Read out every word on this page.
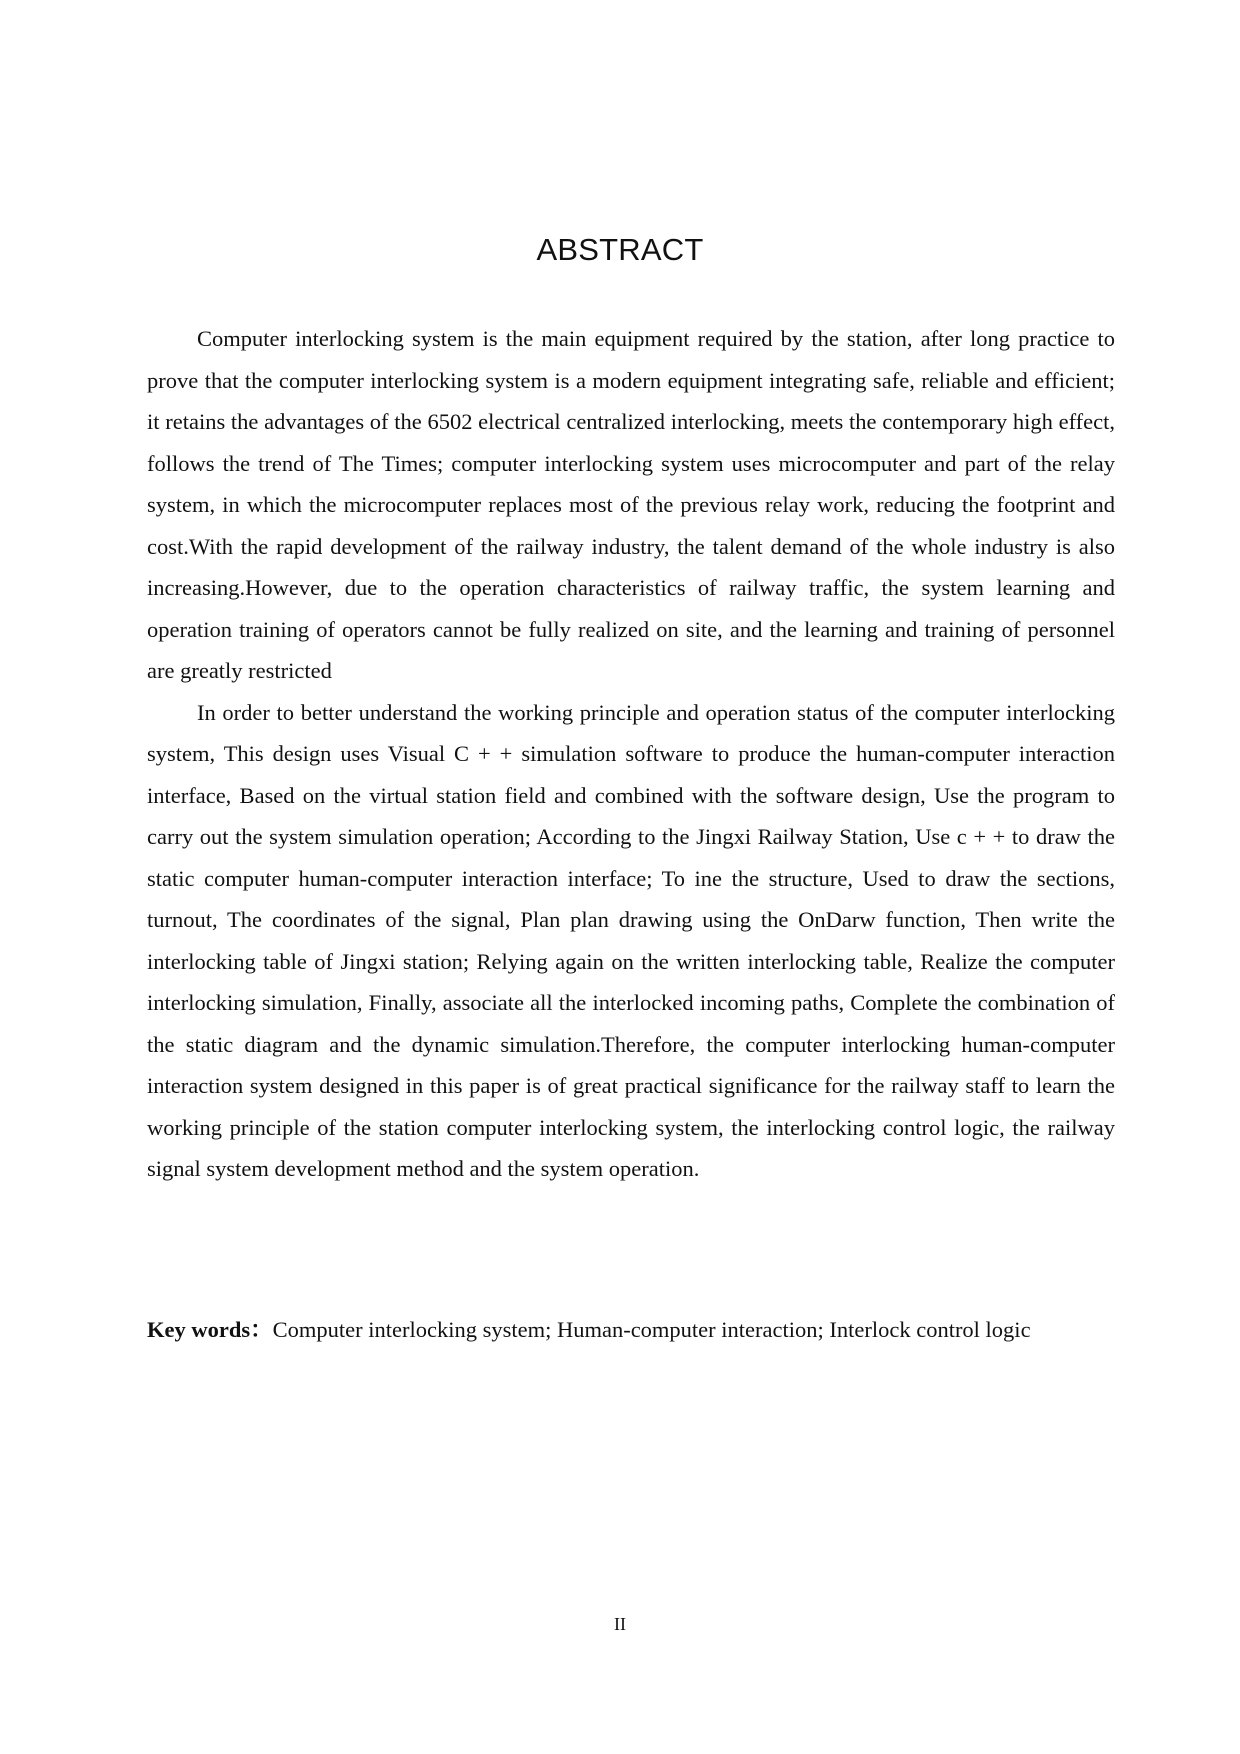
ABSTRACT

Computer interlocking system is the main equipment required by the station, after long practice to prove that the computer interlocking system is a modern equipment integrating safe, reliable and efficient; it retains the advantages of the 6502 electrical centralized interlocking, meets the contemporary high effect, follows the trend of The Times; computer interlocking system uses microcomputer and part of the relay system, in which the microcomputer replaces most of the previous relay work, reducing the footprint and cost.With the rapid development of the railway industry, the talent demand of the whole industry is also increasing.However, due to the operation characteristics of railway traffic, the system learning and operation training of operators cannot be fully realized on site, and the learning and training of personnel are greatly restricted

In order to better understand the working principle and operation status of the computer interlocking system, This design uses Visual C + + simulation software to produce the human-computer interaction interface, Based on the virtual station field and combined with the software design, Use the program to carry out the system simulation operation; According to the Jingxi Railway Station, Use c + + to draw the static computer human-computer interaction interface; To ine the structure, Used to draw the sections, turnout, The coordinates of the signal, Plan plan drawing using the OnDarw function, Then write the interlocking table of Jingxi station; Relying again on the written interlocking table, Realize the computer interlocking simulation, Finally, associate all the interlocked incoming paths, Complete the combination of the static diagram and the dynamic simulation.Therefore, the computer interlocking human-computer interaction system designed in this paper is of great practical significance for the railway staff to learn the working principle of the station computer interlocking system, the interlocking control logic, the railway signal system development method and the system operation.

Key words：Computer interlocking system; Human-computer interaction; Interlock control logic

II
